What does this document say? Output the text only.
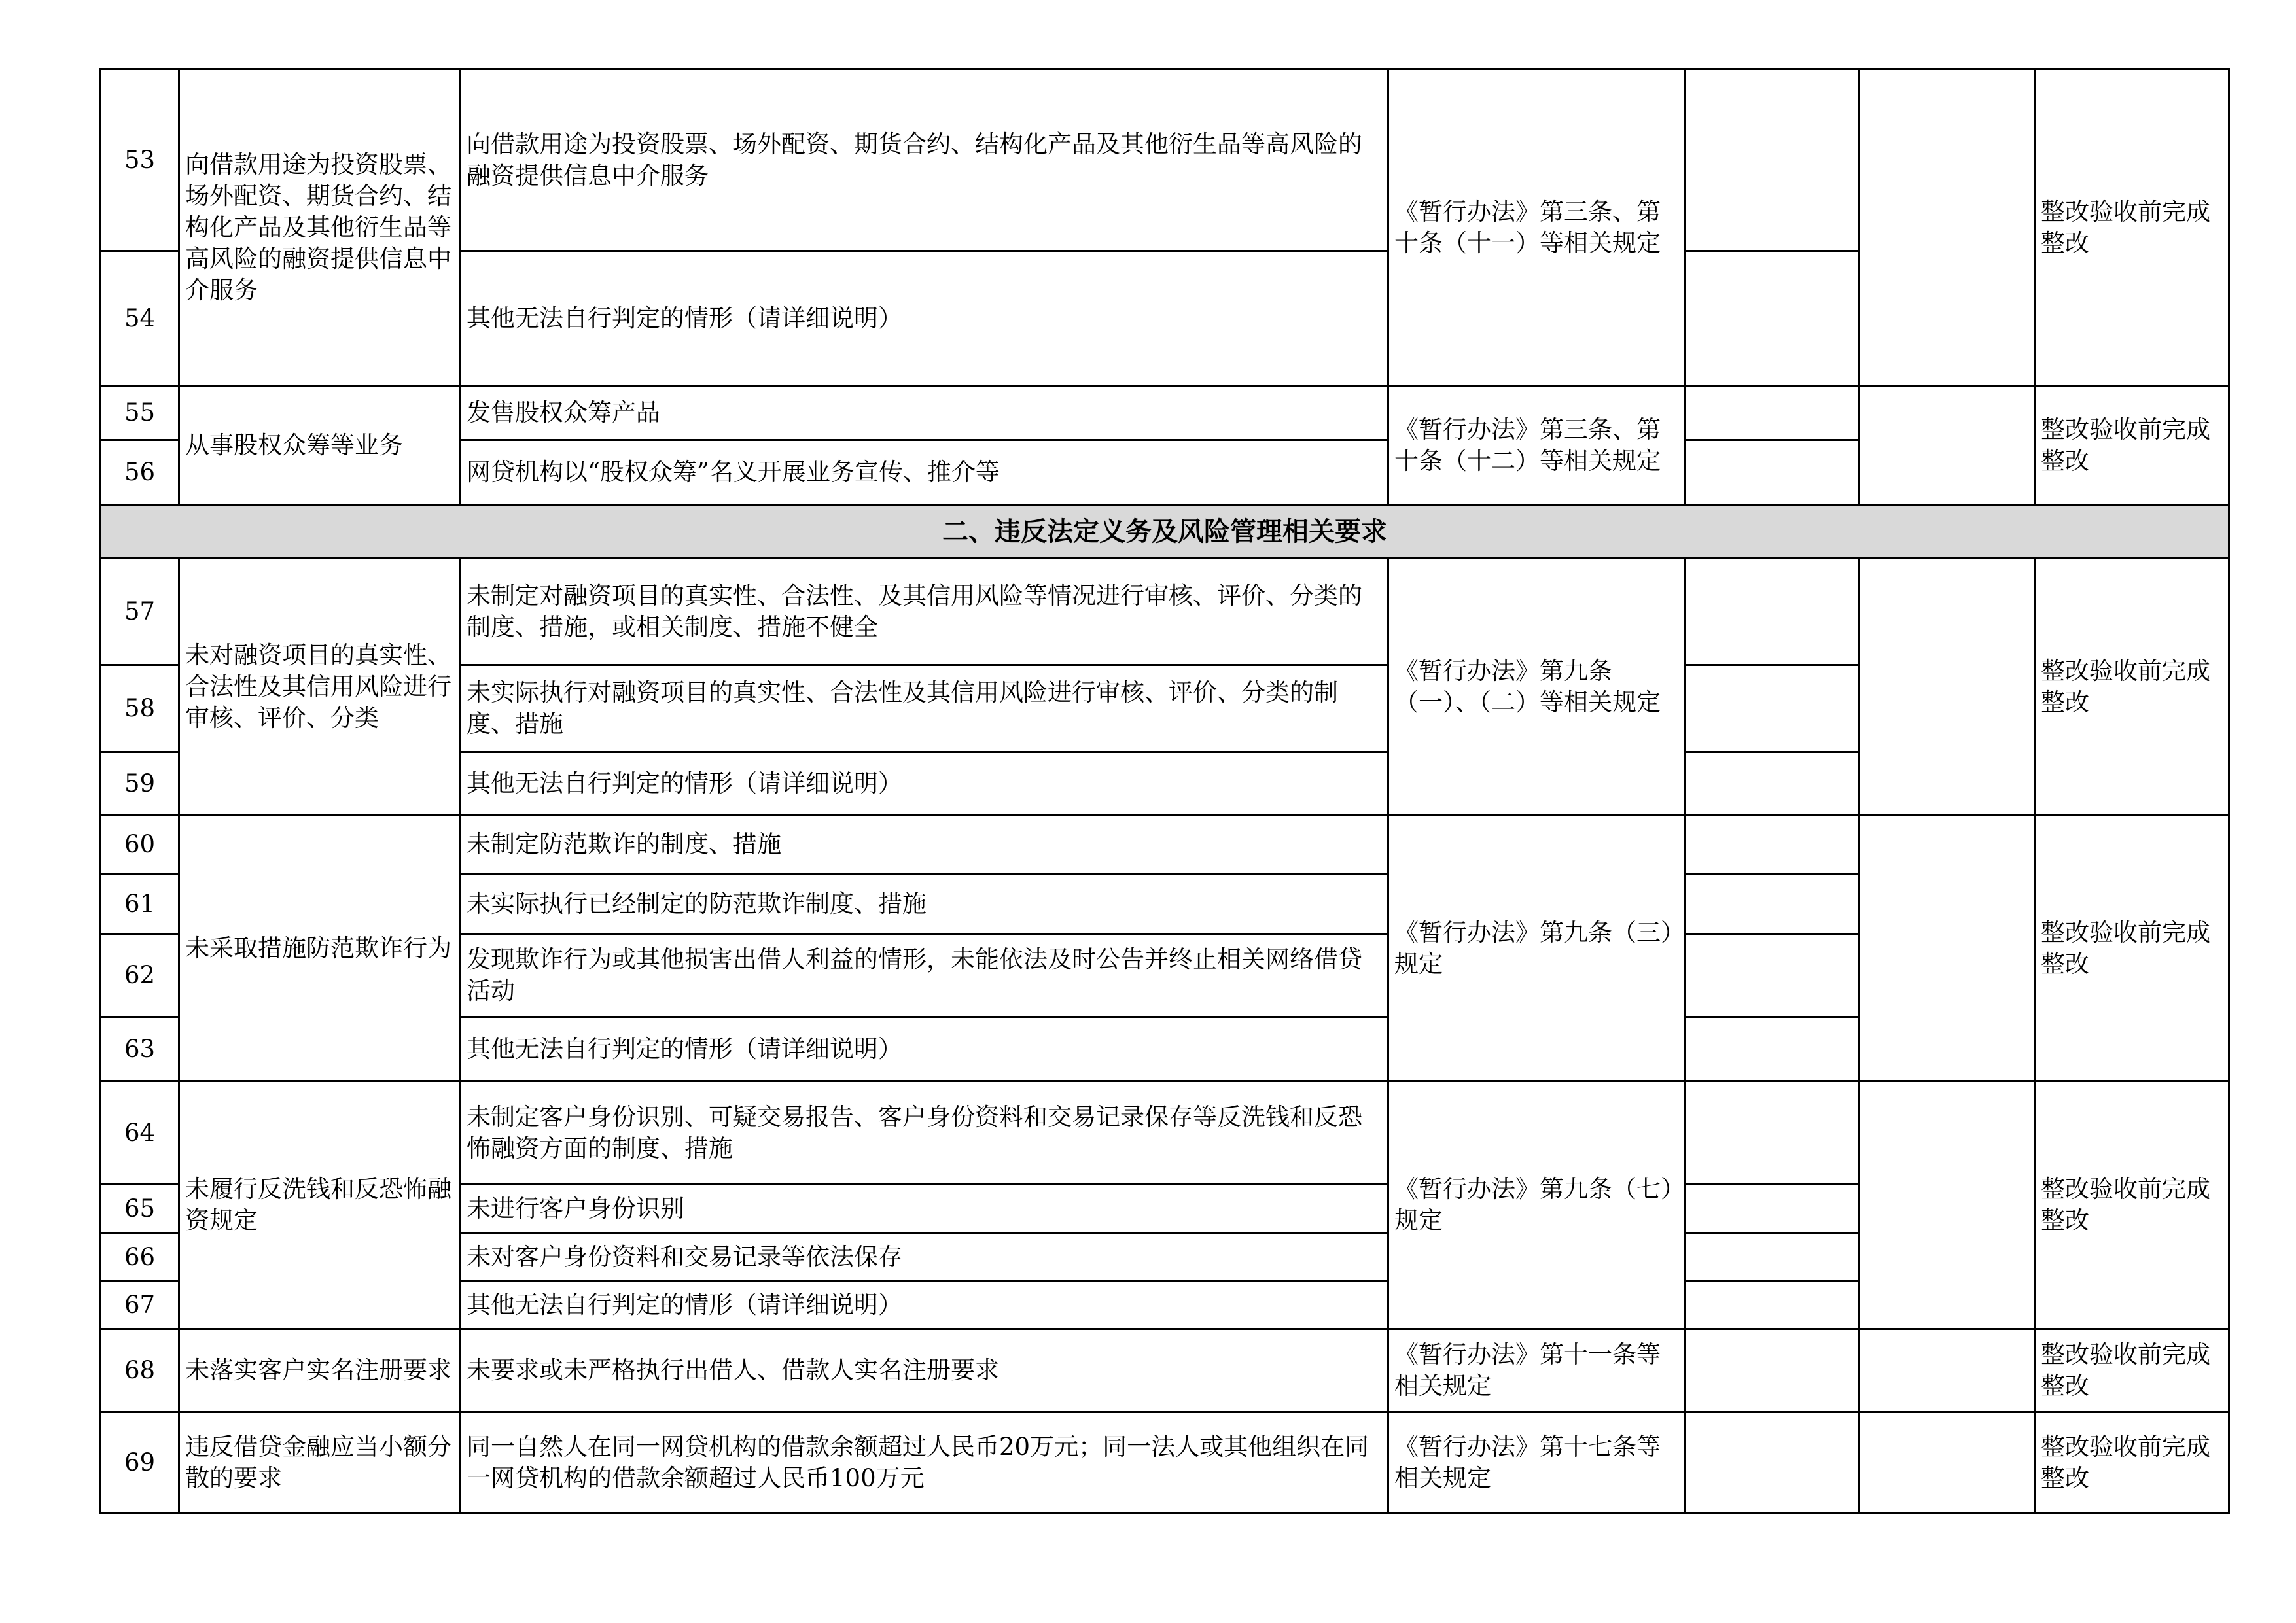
53	向借款用途为投资股票、场外配资、期货合约、结构化产品及其他衍生品等高风险的融资提供信息中介服务	向借款用途为投资股票、场外配资、期货合约、结构化产品及其他衍生品等高风险的融资提供信息中介服务	《暂行办法》第三条、第十条（十一）等相关规定			整改验收前完成整改
54		其他无法自行判定的情形（请详细说明）				
55	从事股权众筹等业务	发售股权众筹产品	《暂行办法》第三条、第十条（十二）等相关规定			整改验收前完成整改
56		网贷机构以“股权众筹”名义开展业务宣传、推介等				
二、违反法定义务及风险管理相关要求						
57	未对融资项目的真实性、合法性及其信用风险进行审核、评价、分类	未制定对融资项目的真实性、合法性、及其信用风险等情况进行审核、评价、分类的制度、措施，或相关制度、措施不健全	《暂行办法》第九条（一）、（二）等相关规定			整改验收前完成整改
58		未实际执行对融资项目的真实性、合法性及其信用风险进行审核、评价、分类的制度、措施				
59		其他无法自行判定的情形（请详细说明）				
60	未采取措施防范欺诈行为	未制定防范欺诈的制度、措施	《暂行办法》第九条（三）规定			整改验收前完成整改
61		未实际执行已经制定的防范欺诈制度、措施				
62		发现欺诈行为或其他损害出借人利益的情形，未能依法及时公告并终止相关网络借贷活动				
63		其他无法自行判定的情形（请详细说明）				
64	未履行反洗钱和反恐怖融资规定	未制定客户身份识别、可疑交易报告、客户身份资料和交易记录保存等反洗钱和反恐怖融资方面的制度、措施	《暂行办法》第九条（七）规定			整改验收前完成整改
65		未进行客户身份识别				
66		未对客户身份资料和交易记录等依法保存				
67		其他无法自行判定的情形（请详细说明）				
68	未落实客户实名注册要求	未要求或未严格执行出借人、借款人实名注册要求	《暂行办法》第十一条等相关规定			整改验收前完成整改
69	违反借贷金融应当小额分散的要求	同一自然人在同一网贷机构的借款余额超过人民币20万元；同一法人或其他组织在同一网贷机构的借款余额超过人民币100万元	《暂行办法》第十七条等相关规定			整改验收前完成整改
